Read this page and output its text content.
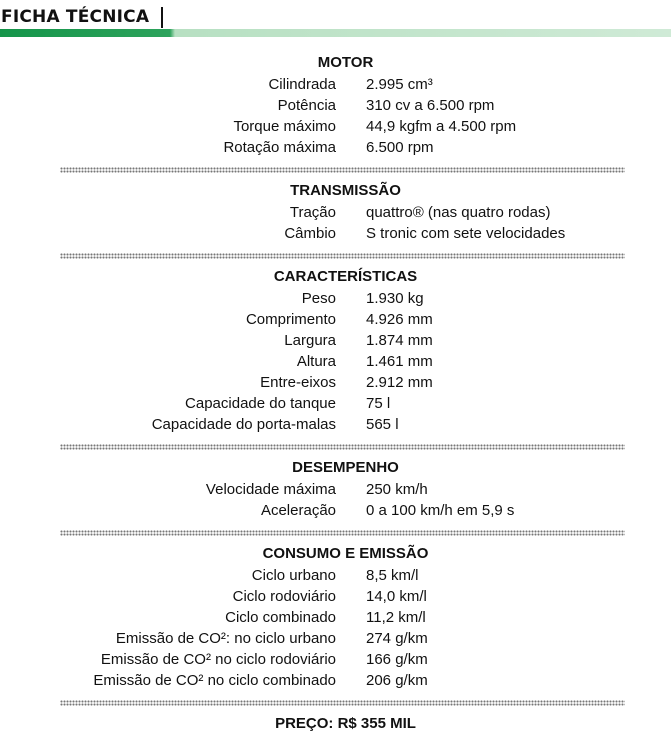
FICHA TÉCNICA
MOTOR
Cilindrada	2.995 cm³
Potência	310 cv a 6.500 rpm
Torque máximo	44,9 kgfm a 4.500 rpm
Rotação máxima	6.500 rpm
TRANSMISSÃO
Tração	quattro® (nas quatro rodas)
Câmbio	S tronic com sete velocidades
CARACTERÍSTICAS
Peso	1.930 kg
Comprimento	4.926 mm
Largura	1.874 mm
Altura	1.461 mm
Entre-eixos	2.912 mm
Capacidade do tanque	75 l
Capacidade do porta-malas	565 l
DESEMPENHO
Velocidade máxima	250 km/h
Aceleração	0 a 100 km/h em 5,9 s
CONSUMO E EMISSÃO
Ciclo urbano	8,5 km/l
Ciclo rodoviário	14,0 km/l
Ciclo combinado	11,2 km/l
Emissão de CO²: no ciclo urbano	274 g/km
Emissão de CO² no ciclo rodoviário	166 g/km
Emissão de CO² no ciclo combinado	206 g/km
PREÇO: R$ 355 MIL
